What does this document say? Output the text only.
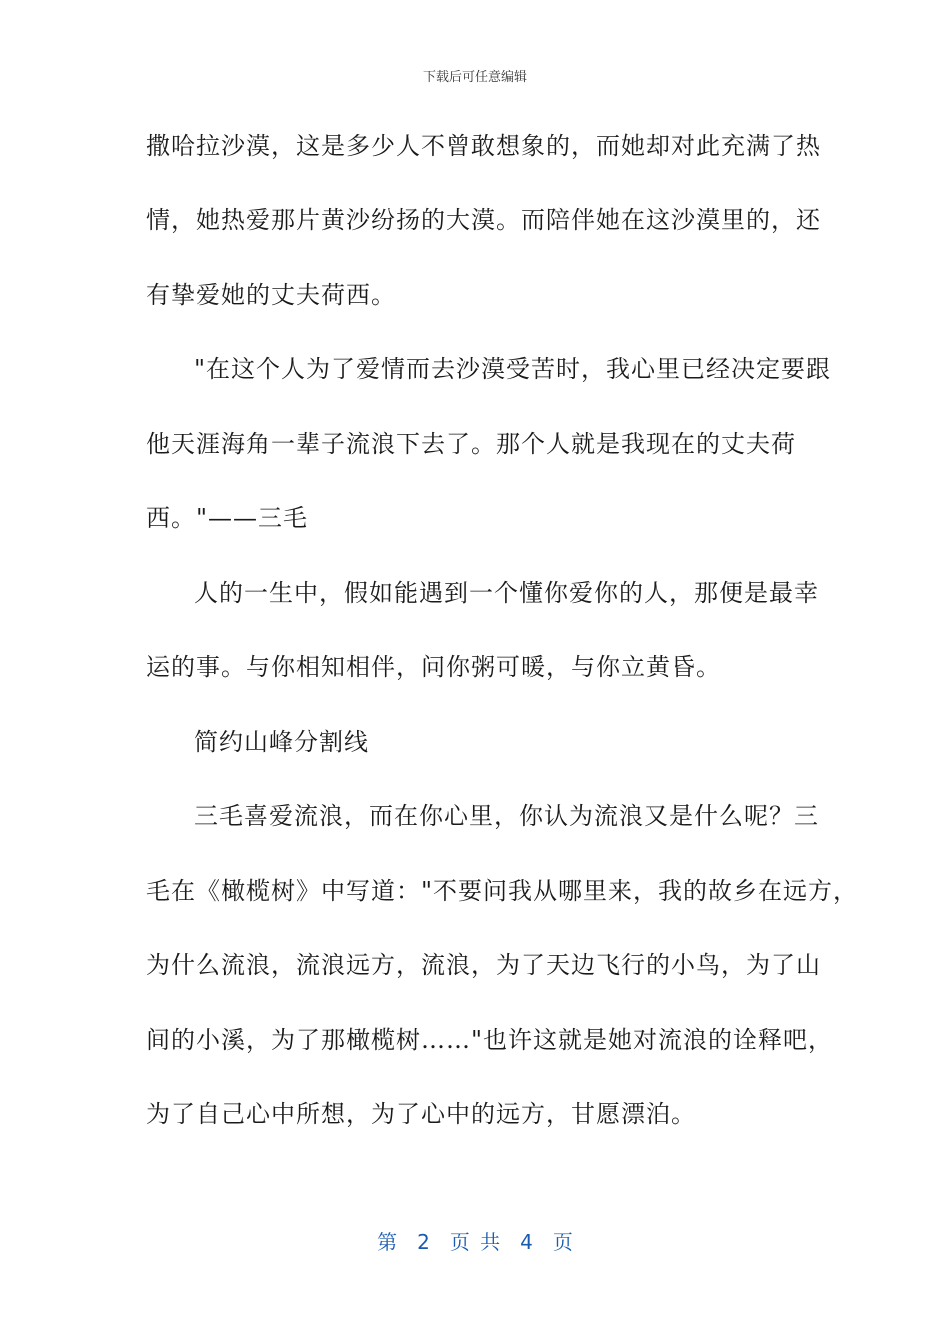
下载后可任意编辑
撒哈拉沙漠，这是多少人不曾敢想象的，而她却对此充满了热
情，她热爱那片黄沙纷扬的大漠。而陪伴她在这沙漠里的，还
有挚爱她的丈夫荷西。
"在这个人为了爱情而去沙漠受苦时，我心里已经决定要跟
他天涯海角一辈子流浪下去了。那个人就是我现在的丈夫荷
西。"——三毛
人的一生中，假如能遇到一个懂你爱你的人，那便是最幸
运的事。与你相知相伴，问你粥可暖，与你立黄昏。
简约山峰分割线
三毛喜爱流浪，而在你心里，你认为流浪又是什么呢？三
毛在《橄榄树》中写道："不要问我从哪里来，我的故乡在远方，
为什么流浪，流浪远方，流浪，为了天边飞行的小鸟，为了山
间的小溪，为了那橄榄树……"也许这就是她对流浪的诠释吧，
为了自己心中所想，为了心中的远方，甘愿漂泊。
第 2 页 共 4 页
